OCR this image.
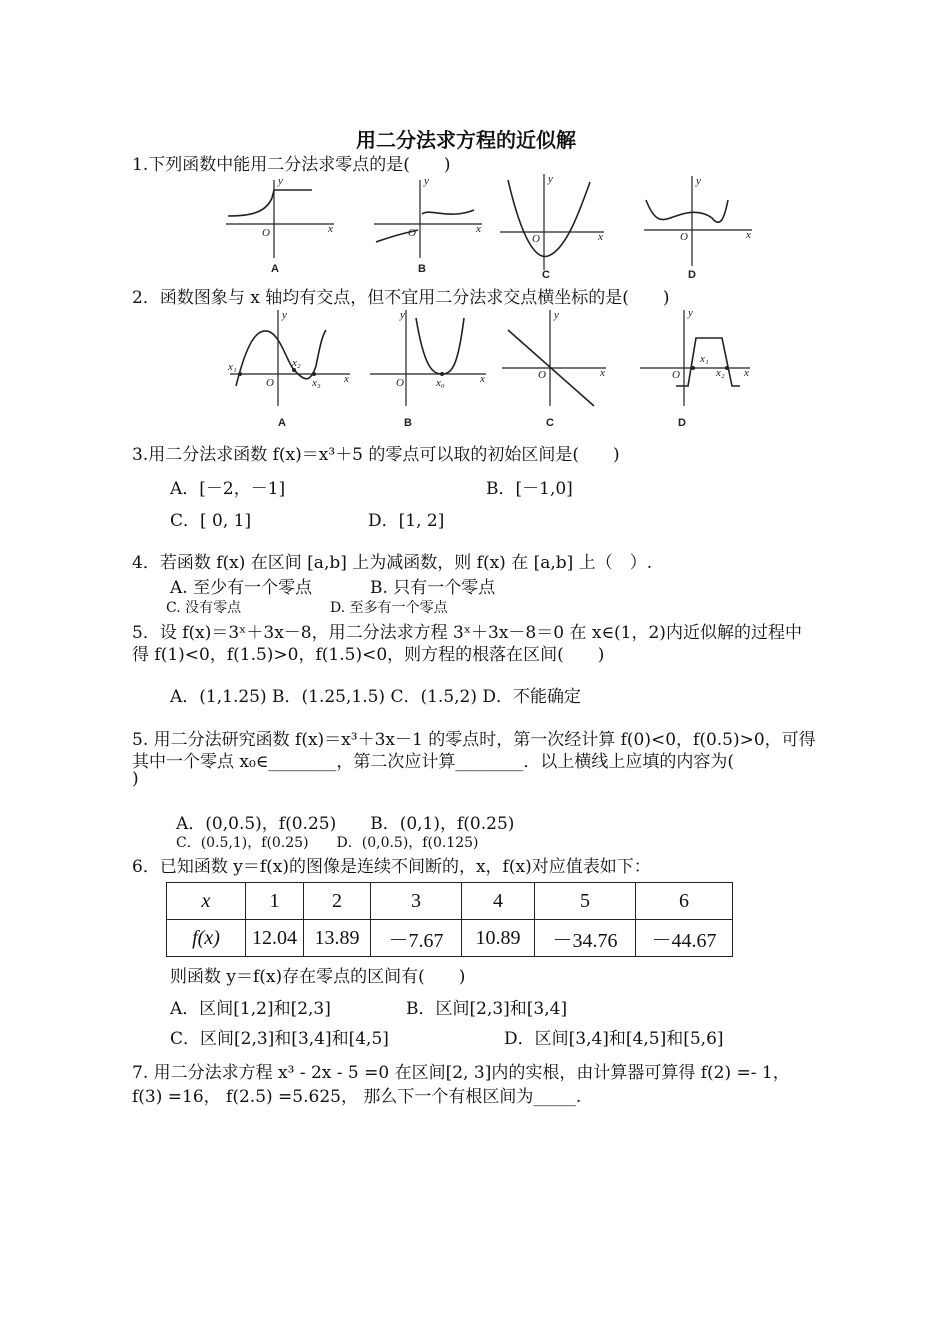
用二分法求方程的近似解
1.下列函数中能用二分法求零点的是(　　)
y
x
O
A
y
x
O
B
y
x
O
C
y
x
O
D
2．函数图象与 x 轴均有交点，但不宜用二分法求交点横坐标的是(　　)
y
x
O
x₁	x₂
x₃
A
y
x
O	x₀
B
y
x
O
C
y
x
O
x₁
x₂
D
3.用二分法求函数 f(x)＝x³＋5 的零点可以取的初始区间是(　　)
A．[－2，－1]	B．[－1,0]
C．[ 0, 1]	D．[1, 2]
4．若函数 f(x) 在区间 [a,b] 上为减函数，则 f(x) 在 [a,b] 上（　）.
A. 至少有一个零点	B. 只有一个零点
C. 没有零点	D. 至多有一个零点
5．设 f(x)＝3ˣ＋3x－8，用二分法求方程 3ˣ＋3x－8＝0 在 x∈(1，2)内近似解的过程中
得 f(1)<0，f(1.5)>0，f(1.5)<0，则方程的根落在区间(　　)
A．(1,1.25) B．(1.25,1.5) C．(1.5,2) D．不能确定
5. 用二分法研究函数 f(x)＝x³＋3x－1 的零点时，第一次经计算 f(0)<0，f(0.5)>0，可得
其中一个零点 x₀∈________，第二次应计算________．以上横线上应填的内容为(
)
A．(0,0.5)，f(0.25)　　B．(0,1)，f(0.25)
C．(0.5,1)，f(0.25)　　D．(0,0.5)，f(0.125)
6．已知函数 y＝f(x)的图像是连续不间断的，x，f(x)对应值表如下：
x	1	2	3	4	5	6
f(x)	12.04	13.89	－7.67	10.89	－34.76	－44.67
则函数 y＝f(x)存在零点的区间有(　　)
A．区间[1,2]和[2,3]	B．区间[2,3]和[3,4]
C．区间[2,3]和[3,4]和[4,5]	D．区间[3,4]和[4,5]和[5,6]
7. 用二分法求方程 x³ - 2x - 5 =0 在区间[2, 3]内的实根，由计算器可算得 f(2) =- 1，
f(3) =16， f(2.5) =5.625， 那么下一个有根区间为_____.
